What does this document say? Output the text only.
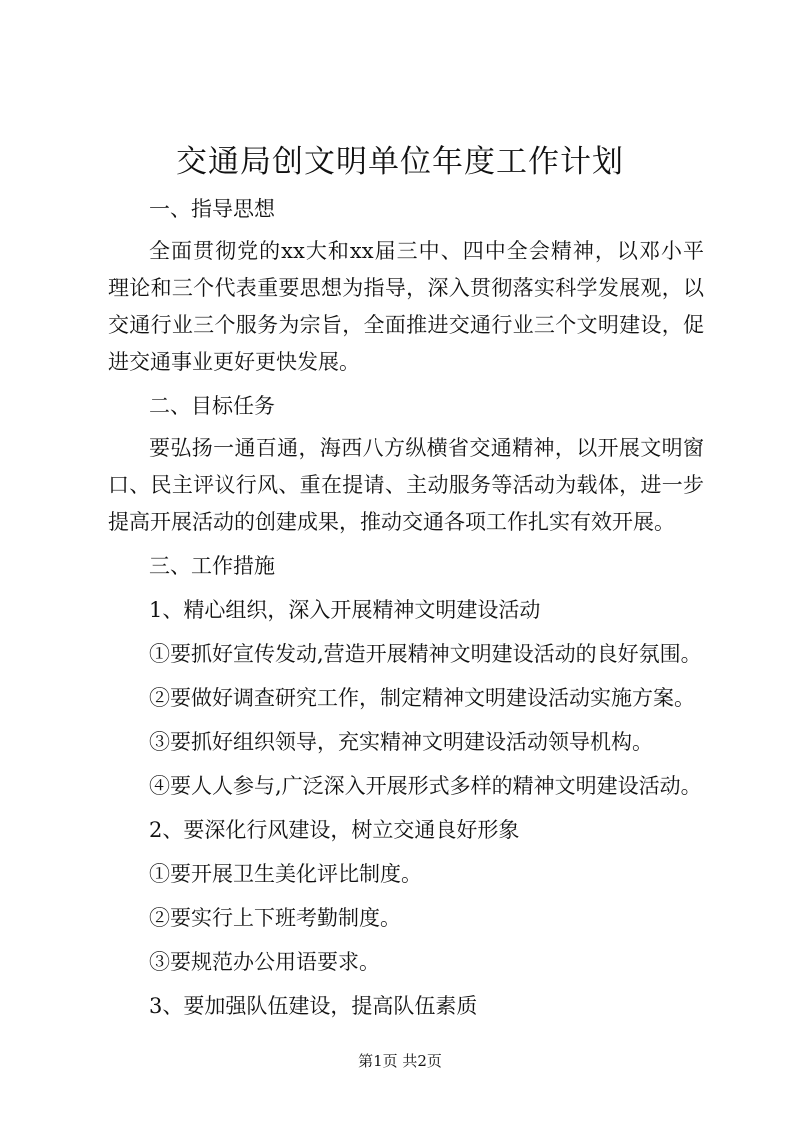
交通局创文明单位年度工作计划

一、指导思想

全面贯彻党的xx大和xx届三中、四中全会精神，以邓小平
理论和三个代表重要思想为指导，深入贯彻落实科学发展观，以
交通行业三个服务为宗旨，全面推进交通行业三个文明建设，促
进交通事业更好更快发展。

二、目标任务

要弘扬一通百通，海西八方纵横省交通精神，以开展文明窗
口、民主评议行风、重在提请、主动服务等活动为载体，进一步
提高开展活动的创建成果，推动交通各项工作扎实有效开展。

三、工作措施

1、精心组织，深入开展精神文明建设活动

①要抓好宣传发动,营造开展精神文明建设活动的良好氛围。

②要做好调查研究工作，制定精神文明建设活动实施方案。

③要抓好组织领导，充实精神文明建设活动领导机构。

④要人人参与,广泛深入开展形式多样的精神文明建设活动。

2、要深化行风建设，树立交通良好形象

①要开展卫生美化评比制度。

②要实行上下班考勤制度。

③要规范办公用语要求。

3、要加强队伍建设，提高队伍素质

第1页 共2页
